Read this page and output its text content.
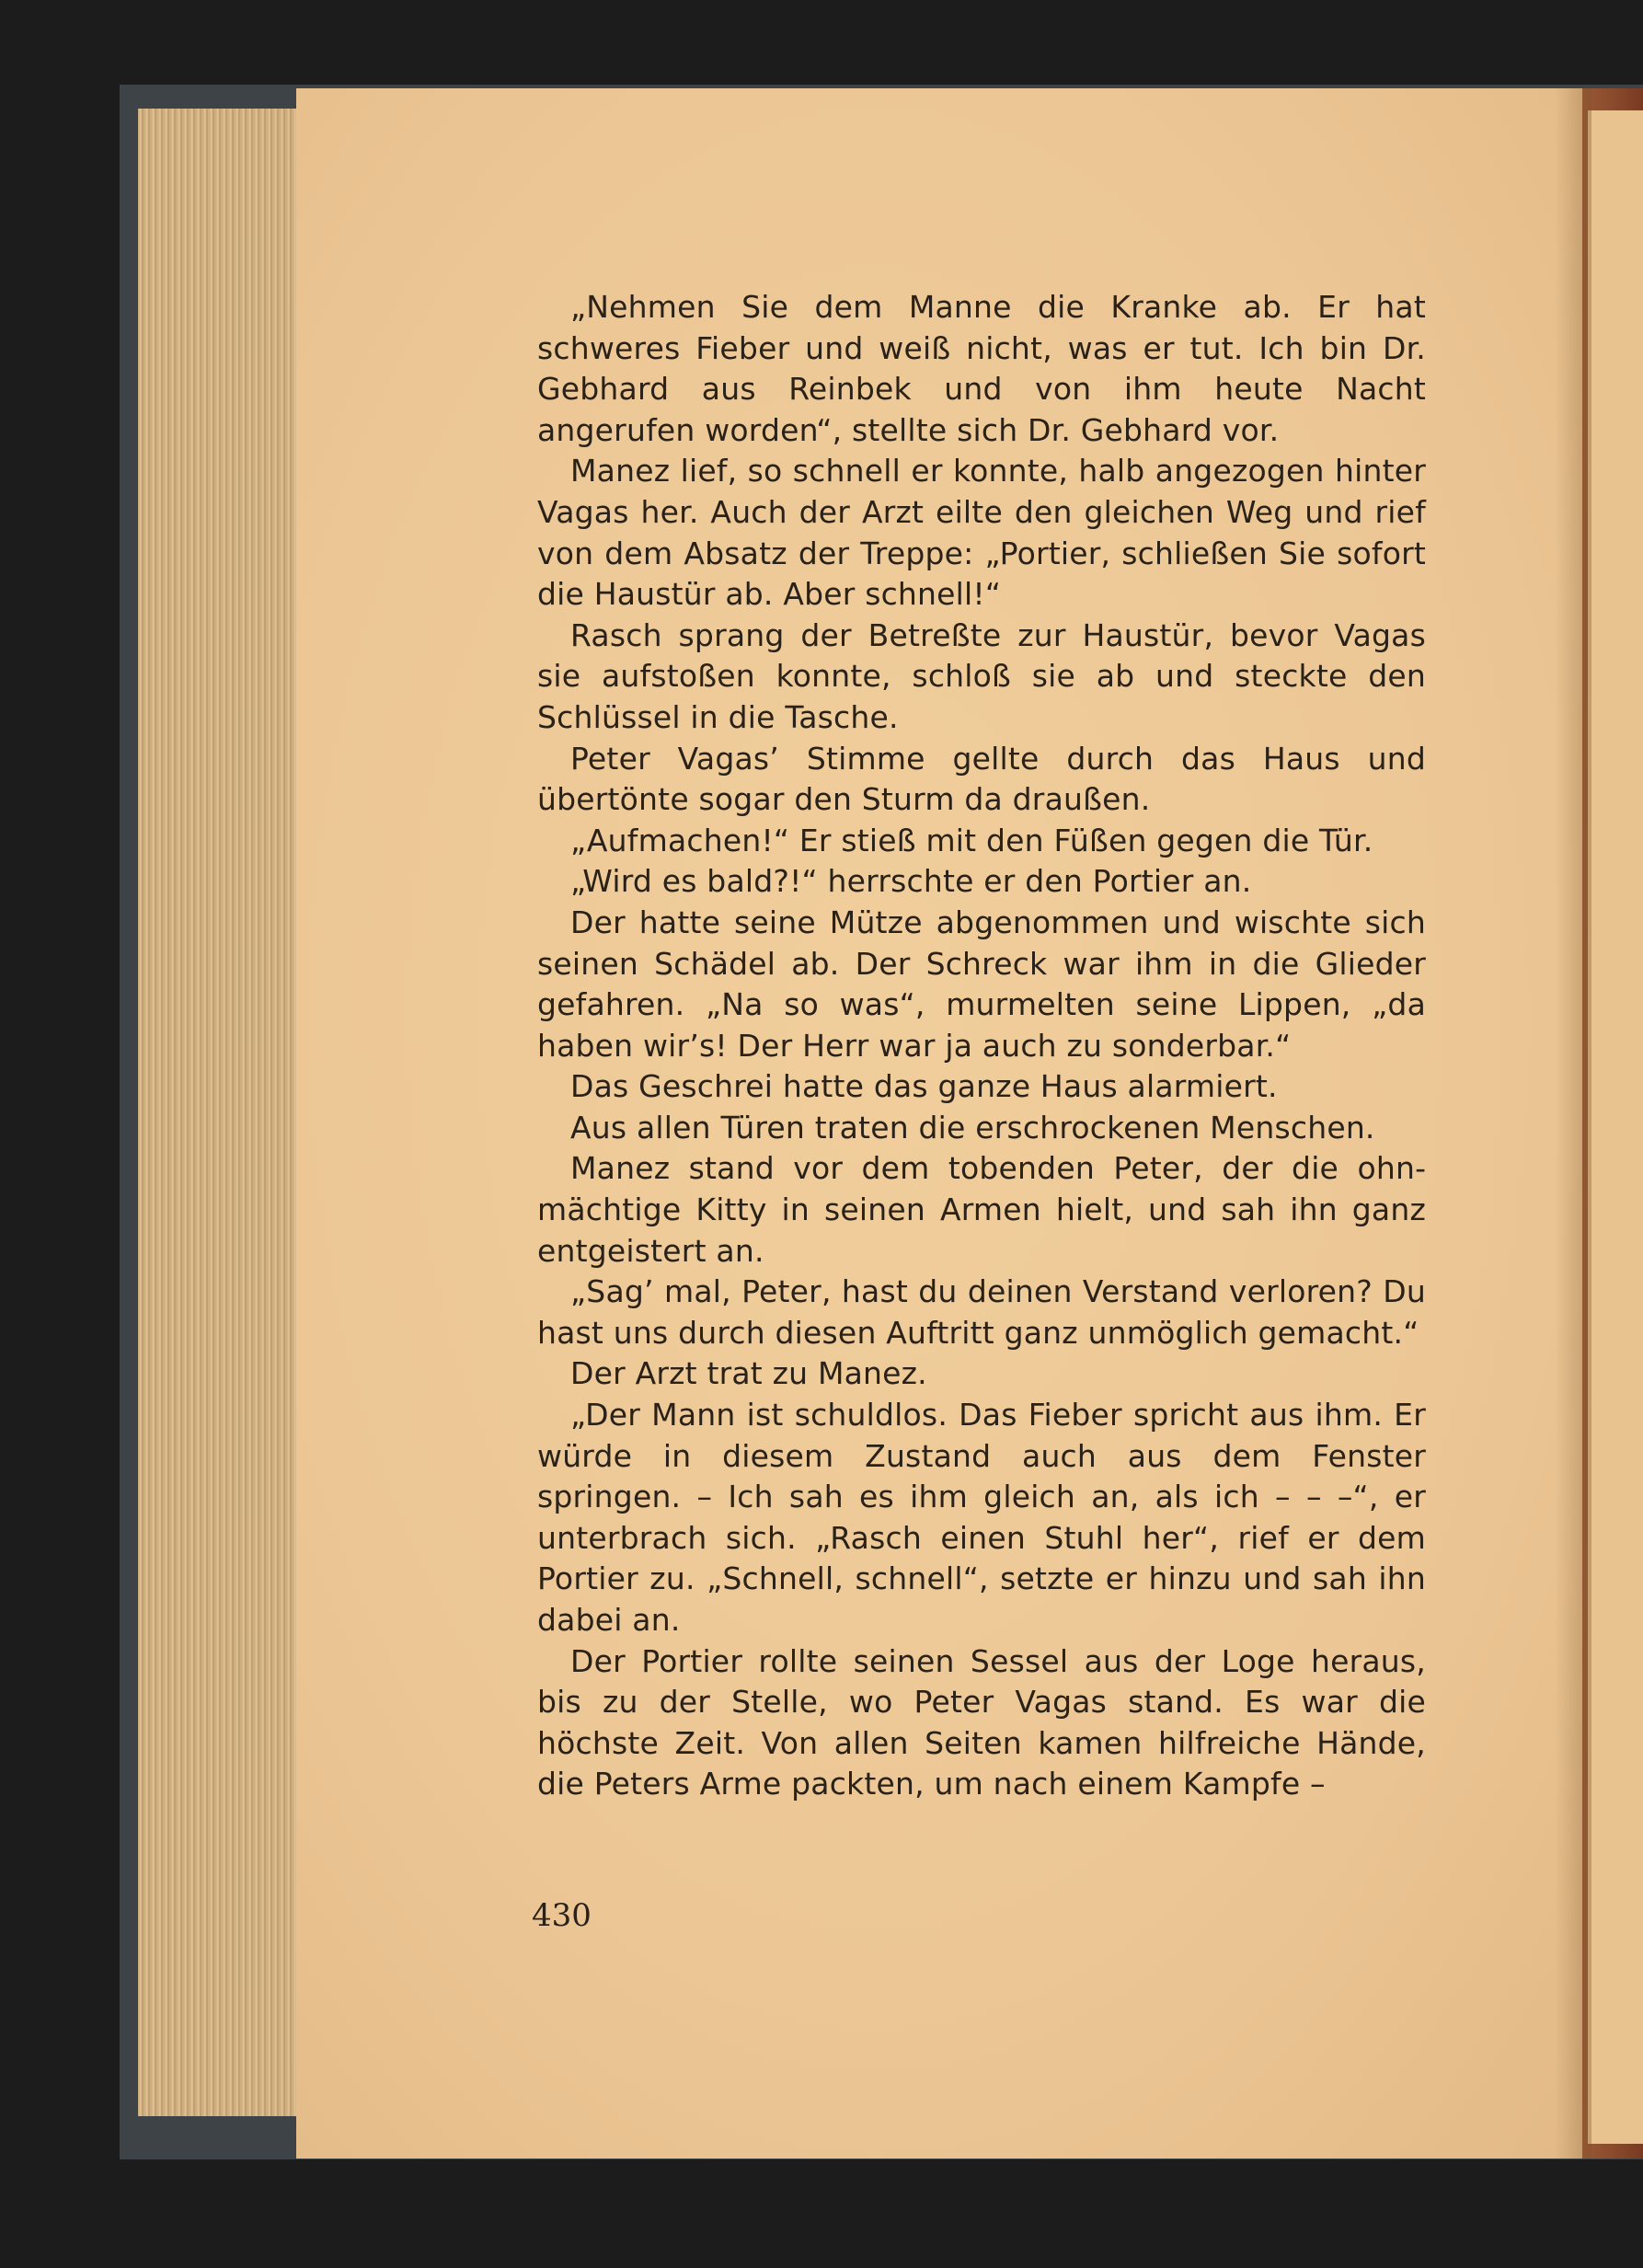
„Nehmen Sie dem Manne die Kranke ab. Er hat schweres Fieber und weiß nicht, was er tut. Ich bin Dr. Gebhard aus Reinbek und von ihm heute Nacht angerufen worden“, stellte sich Dr. Gebhard vor.

Manez lief, so schnell er konnte, halb angezogen hinter Vagas her. Auch der Arzt eilte den gleichen Weg und rief von dem Absatz der Treppe: „Portier, schließen Sie sofort die Haustür ab. Aber schnell!“

Rasch sprang der Betreßte zur Haustür, bevor Vagas sie aufstoßen konnte, schloß sie ab und steckte den Schlüssel in die Tasche.

Peter Vagas’ Stimme gellte durch das Haus und übertönte sogar den Sturm da draußen.

„Aufmachen!“ Er stieß mit den Füßen gegen die Tür.

„Wird es bald?!“ herrschte er den Portier an.

Der hatte seine Mütze abgenommen und wischte sich seinen Schädel ab. Der Schreck war ihm in die Glieder gefahren. „Na so was“, murmelten seine Lippen, „da haben wir’s! Der Herr war ja auch zu sonderbar.“

Das Geschrei hatte das ganze Haus alarmiert.

Aus allen Türen traten die erschrockenen Menschen.

Manez stand vor dem tobenden Peter, der die ohnmächtige Kitty in seinen Armen hielt, und sah ihn ganz entgeistert an.

„Sag’ mal, Peter, hast du deinen Verstand verloren? Du hast uns durch diesen Auftritt ganz unmöglich gemacht.“

Der Arzt trat zu Manez.

„Der Mann ist schuldlos. Das Fieber spricht aus ihm. Er würde in diesem Zustand auch aus dem Fenster springen. – Ich sah es ihm gleich an, als ich – – –“, er unterbrach sich. „Rasch einen Stuhl her“, rief er dem Portier zu. „Schnell, schnell“, setzte er hinzu und sah ihn dabei an.

Der Portier rollte seinen Sessel aus der Loge heraus, bis zu der Stelle, wo Peter Vagas stand. Es war die höchste Zeit. Von allen Seiten kamen hilfreiche Hände, die Peters Arme packten, um nach einem Kampfe –

430
